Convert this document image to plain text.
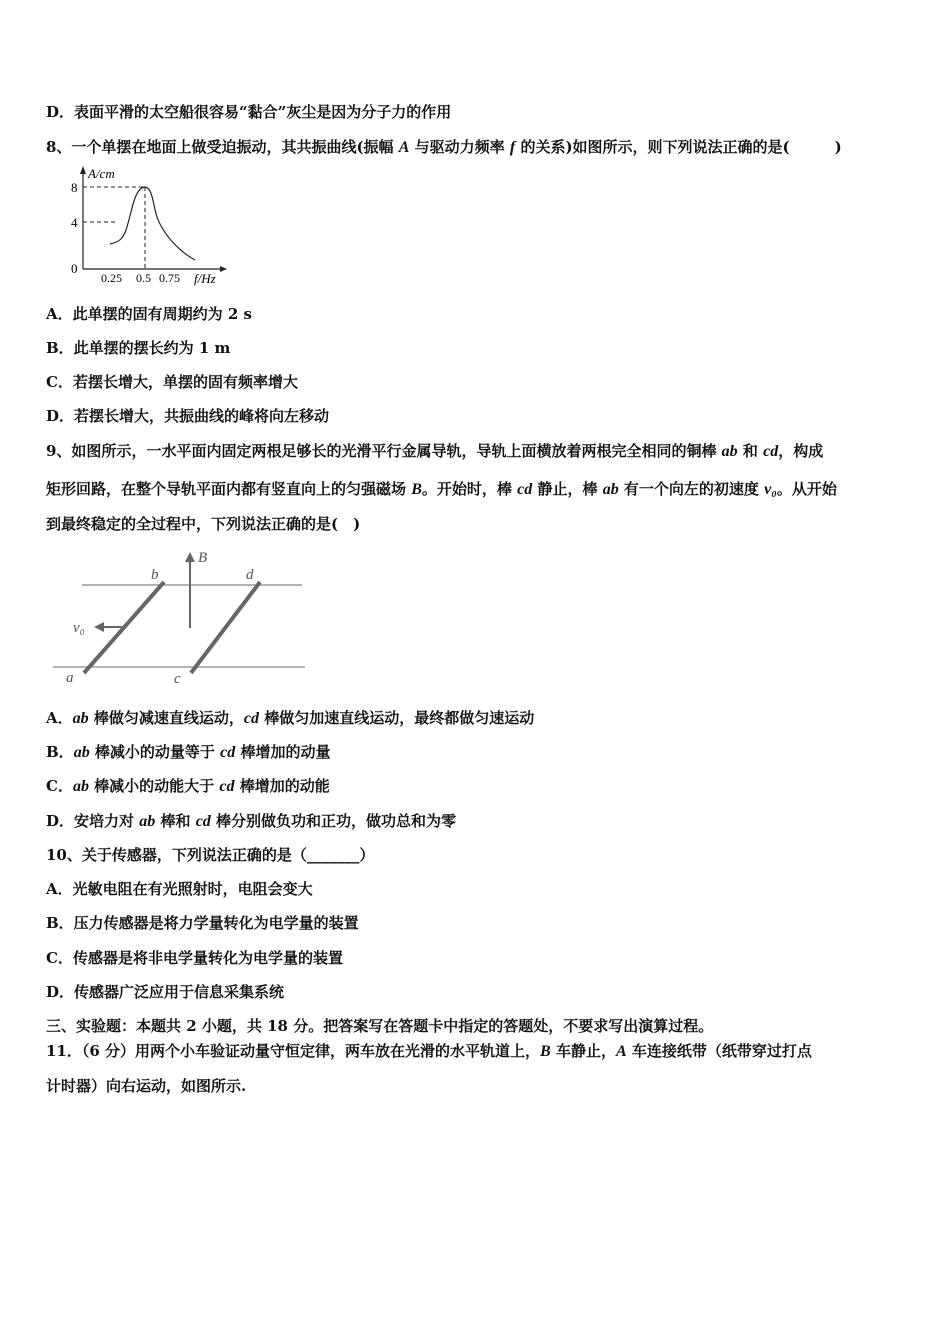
D．表面平滑的太空船很容易“黏合”灰尘是因为分子力的作用
8、一个单摆在地面上做受迫振动，其共振曲线(振幅 A 与驱动力频率 f 的关系)如图所示，则下列说法正确的是(　　　)
A．此单摆的固有周期约为 2 s
B．此单摆的摆长约为 1 m
C．若摆长增大，单摆的固有频率增大
D．若摆长增大，共振曲线的峰将向左移动
9、如图所示，一水平面内固定两根足够长的光滑平行金属导轨，导轨上面横放着两根完全相同的铜棒 ab 和 cd，构成
矩形回路，在整个导轨平面内都有竖直向上的匀强磁场 B。开始时，棒 cd 静止，棒 ab 有一个向左的初速度 v₀。从开始
到最终稳定的全过程中，下列说法正确的是(　)
A．ab 棒做匀减速直线运动，cd 棒做匀加速直线运动，最终都做匀速运动
B．ab 棒减小的动量等于 cd 棒增加的动量
C．ab 棒减小的动能大于 cd 棒增加的动能
D．安培力对 ab 棒和 cd 棒分别做负功和正功，做功总和为零
10、关于传感器，下列说法正确的是（_______）
A．光敏电阻在有光照射时，电阻会变大
B．压力传感器是将力学量转化为电学量的装置
C．传感器是将非电学量转化为电学量的装置
D．传感器广泛应用于信息采集系统
三、实验题：本题共 2 小题，共 18 分。把答案写在答题卡中指定的答题处，不要求写出演算过程。
11．（6 分）用两个小车验证动量守恒定律，两车放在光滑的水平轨道上，B 车静止，A 车连接纸带（纸带穿过打点
计时器）向右运动，如图所示.
A/cm
8
4
0
0.25 0.5 0.75 f/Hz
B
b	d
a	c
v₀
